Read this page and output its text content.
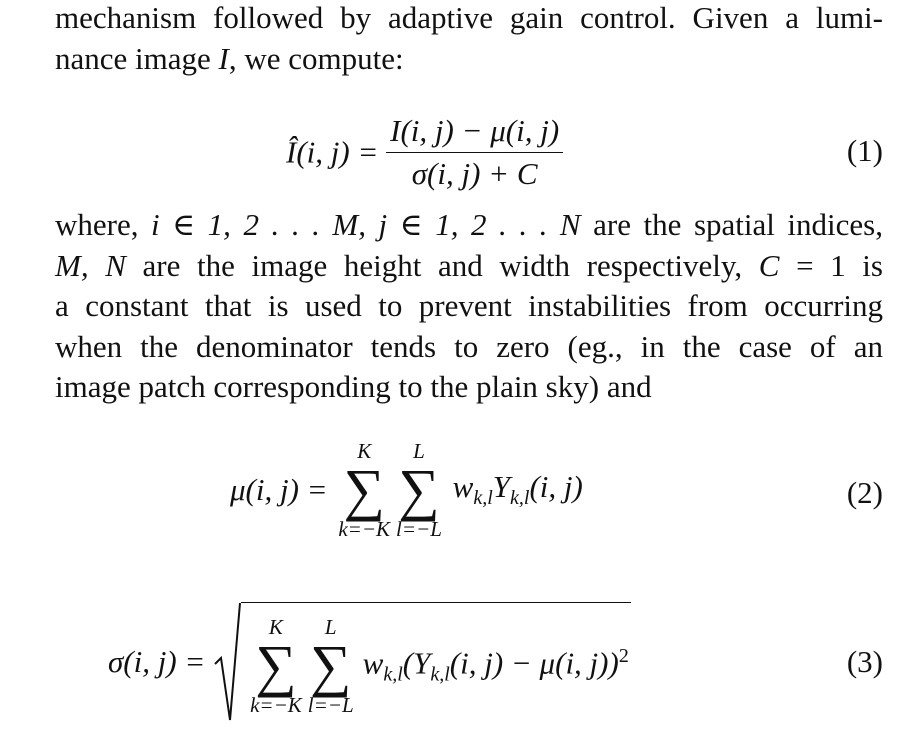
mechanism followed by adaptive gain control. Given a lumi-
nance image I, we compute:
Î(i, $j) = \frac{I(i, j) - \mu(i, j)}{\sigma(i, j) + C}$	(1)
where, i ∈ 1, 2 . . . M, j ∈ 1, 2 . . . N are the spatial indices,
M, N are the image height and width respectively, C = 1 is
a constant that is used to prevent instabilities from occurring
when the denominator tends to zero (eg., in the case of an
image patch corresponding to the plain sky) and
μ(i, j) =
K
∑
k=−K
L
∑
l=−L
$w_{k,l}Y_{k,l}(i$, j)	(2)
σ(i, j) =
K
∑
k=−K
L
∑
l=−L
$w_{k,l}(Y_{k,l}(i$, j) − μ(i, j))$^2$	(3)
